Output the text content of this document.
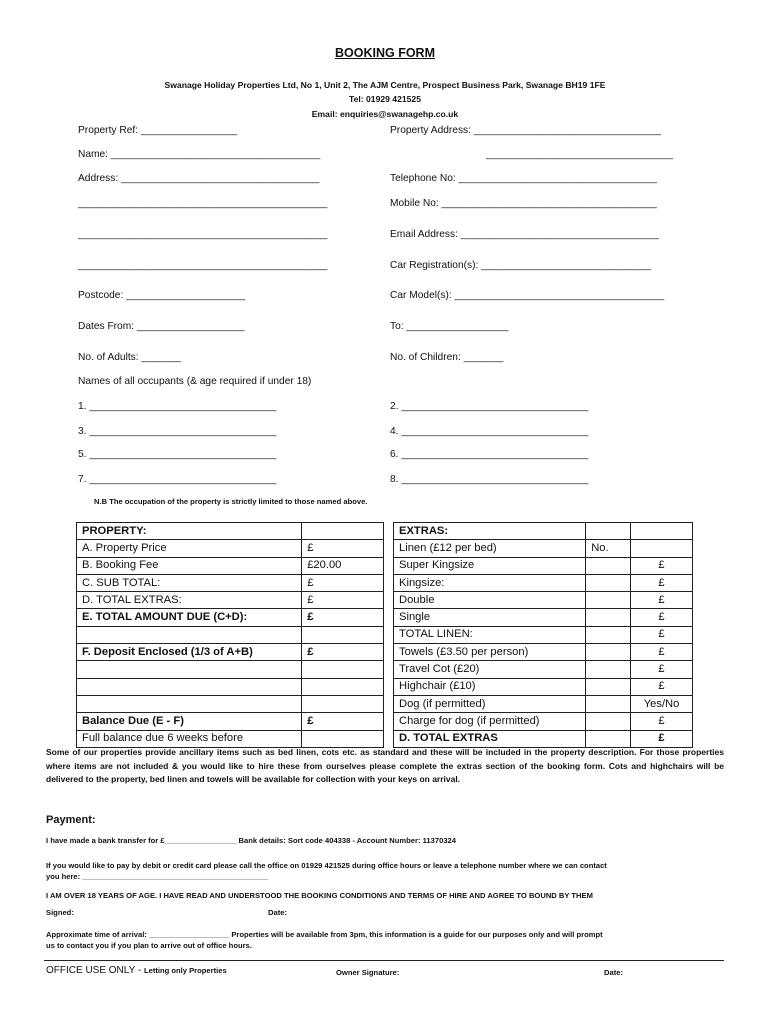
BOOKING FORM
Swanage Holiday Properties Ltd, No 1, Unit 2, The AJM Centre, Prospect Business Park, Swanage BH19 1FE
Tel: 01929 421525
Email: enquiries@swanagehp.co.uk
Property Ref: _________________	Property Address: _________________________________
Name: _____________________________________	_________________________________
Address: ___________________________________	Telephone No: ___________________________________
____________________________________________	Mobile No: ______________________________________
____________________________________________	Email Address: ___________________________________
____________________________________________	Car Registration(s): ______________________________
Postcode: _____________________	Car Model(s): _____________________________________
Dates From: ___________________	To: __________________
No. of Adults: _______	No. of Children: _______
Names of all occupants (& age required if under 18)
1. _________________________________	2. _________________________________
3. _________________________________	4. _________________________________
5. _________________________________	6. _________________________________
7. _________________________________	8. _________________________________
N.B The occupation of the property is strictly limited to those named above.
PROPERTY:	
A. Property Price	£
B. Booking Fee	£20.00
C. SUB TOTAL:	£
D. TOTAL EXTRAS:	£
E. TOTAL AMOUNT DUE (C+D):	£

F. Deposit Enclosed (1/3 of A+B)	£

Balance Due (E - F)	£
Full balance due 6 weeks before	
EXTRAS:		
Linen (£12 per bed)	No.	
Super Kingsize		£
Kingsize:		£
Double		£
Single		£
TOTAL LINEN:		£
Towels (£3.50 per person)		£
Travel Cot (£20)		£
Highchair (£10)		£
Dog (if permitted)		Yes/No
Charge for dog (if permitted)		£
D. TOTAL EXTRAS		£
Some of our properties provide ancillary items such as bed linen, cots etc. as standard and these will be included in the property description. For those properties where items are not included & you would like to hire these from ourselves please complete the extras section of the booking form. Cots and highchairs will be delivered to the property, bed linen and towels will be available for collection with your keys on arrival.
Payment:
I have made a bank transfer for £_________________ Bank details: Sort code 404338 - Account Number: 11370324
If you would like to pay by debit or credit card please call the office on 01929 421525 during office hours or leave a telephone number where we can contact
you here: ____________________________________________
I AM OVER 18 YEARS OF AGE. I HAVE READ AND UNDERSTOOD THE BOOKING CONDITIONS AND TERMS OF HIRE AND AGREE TO BOUND BY THEM
Signed:	Date:
Approximate time of arrival: ___________________ Properties will be available from 3pm, this information is a guide for our purposes only and will prompt
us to contact you if you plan to arrive out of office hours.
OFFICE USE ONLY - Letting only Properties	Owner Signature:	Date:
